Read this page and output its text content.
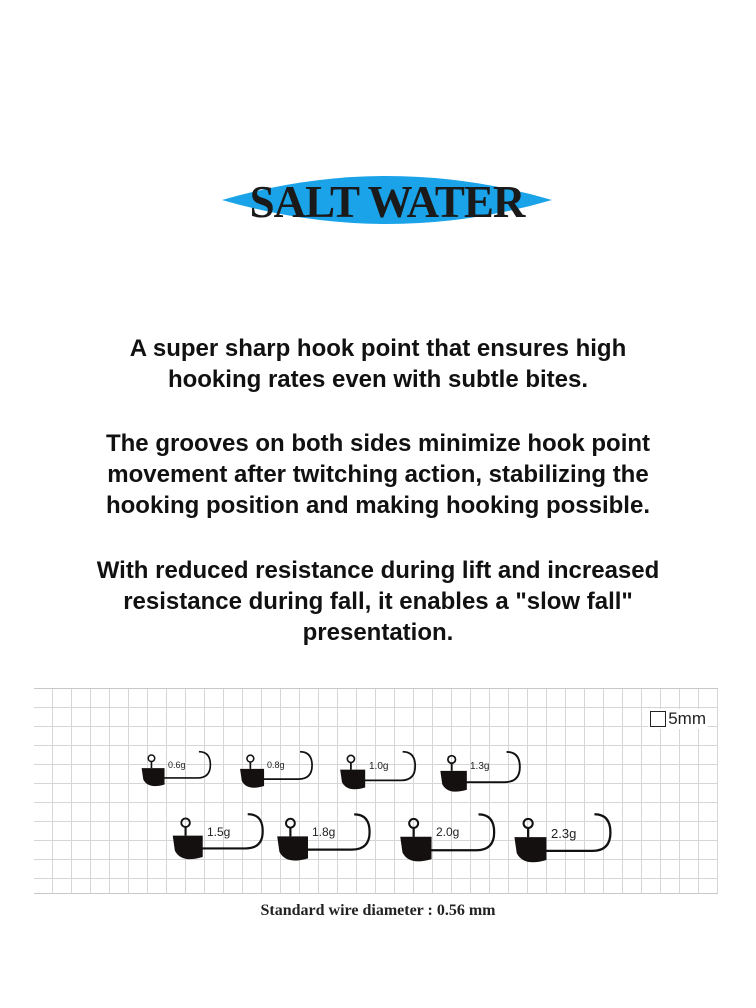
SALT WATER
A super sharp hook point that ensures high
hooking rates even with subtle bites.
The grooves on both sides minimize hook point
movement after twitching action, stabilizing the
hooking position and making hooking possible.
With reduced resistance during lift and increased
resistance during fall, it enables a "slow fall"
presentation.
5mm
0.6g	0.8g	1.0g	1.3g
1.5g	1.8g	2.0g	2.3g
Standard wire diameter : 0.56 mm
